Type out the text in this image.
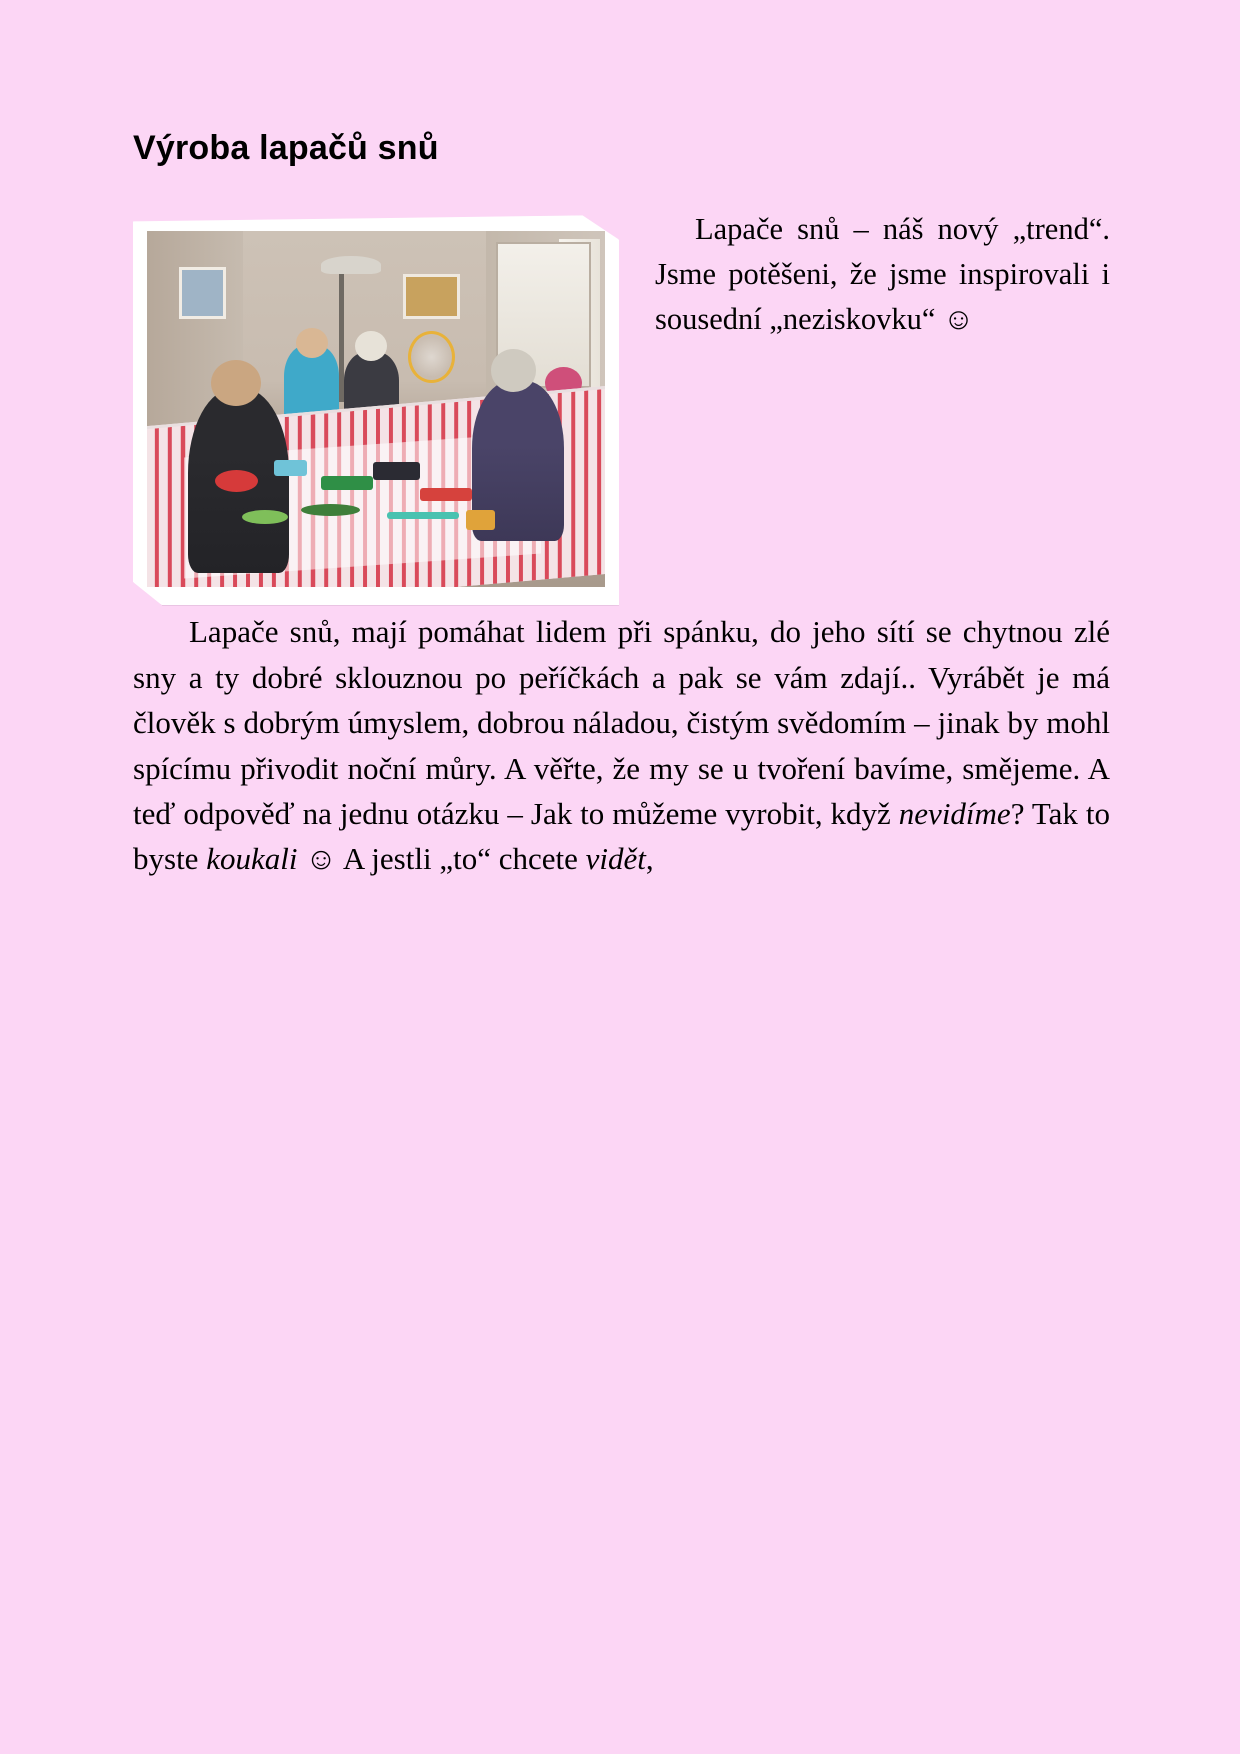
Výroba lapačů snů

Lapače snů – náš nový „trend“. Jsme potěšeni, že jsme inspirovali i sousední „neziskovku“ ☺

Lapače snů, mají pomáhat lidem při spánku, do jeho sítí se chytnou zlé sny a ty dobré sklouznou po peříčkách a pak se vám zdají.. Vyrábět je má člověk s dobrým úmyslem, dobrou náladou, čistým svědomím – jinak by mohl spícímu přivodit noční můry. A věřte, že my se u tvoření bavíme, smějeme. A teď odpověď na jednu otázku – Jak to můžeme vyrobit, když nevidíme? Tak to byste koukali ☺ A jestli „to“ chcete vidět,
